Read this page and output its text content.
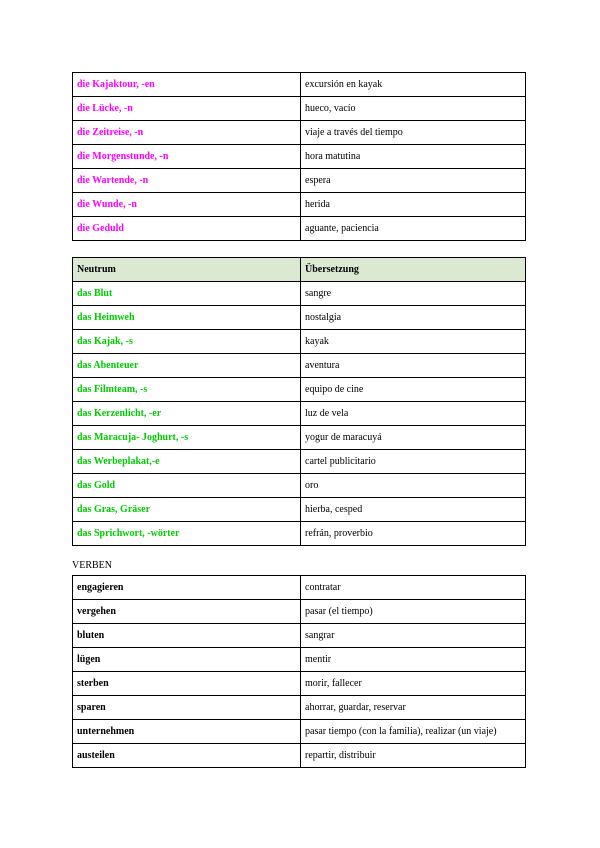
die Kajaktour, -en	excursión en kayak
die Lücke, -n	hueco, vacío
die Zeitreise, -n	viaje a través del tiempo
die Morgenstunde, -n	hora matutina
die Wartende, -n	espera
die Wunde, -n	herida
die Geduld	aguante, paciencia
Neutrum	Übersetzung
das Blut	sangre
das Heimweh	nostalgia
das Kajak, -s	kayak
das Abenteuer	aventura
das Filmteam, -s	equipo de cine
das Kerzenlicht, -er	luz de vela
das Maracuja- Joghurt, -s	yogur de maracuyá
das Werbeplakat,-e	cartel publicitario
das Gold	oro
das Gras, Gräser	hierba, cesped
das Sprichwort, -wörter	refrán, proverbio
VERBEN
engagieren	contratar
vergehen	pasar (el tiempo)
bluten	sangrar
lügen	mentir
sterben	morir, fallecer
sparen	ahorrar, guardar, reservar
unternehmen	pasar tiempo (con la familia), realizar (un viaje)
austeilen	repartir, distribuir
